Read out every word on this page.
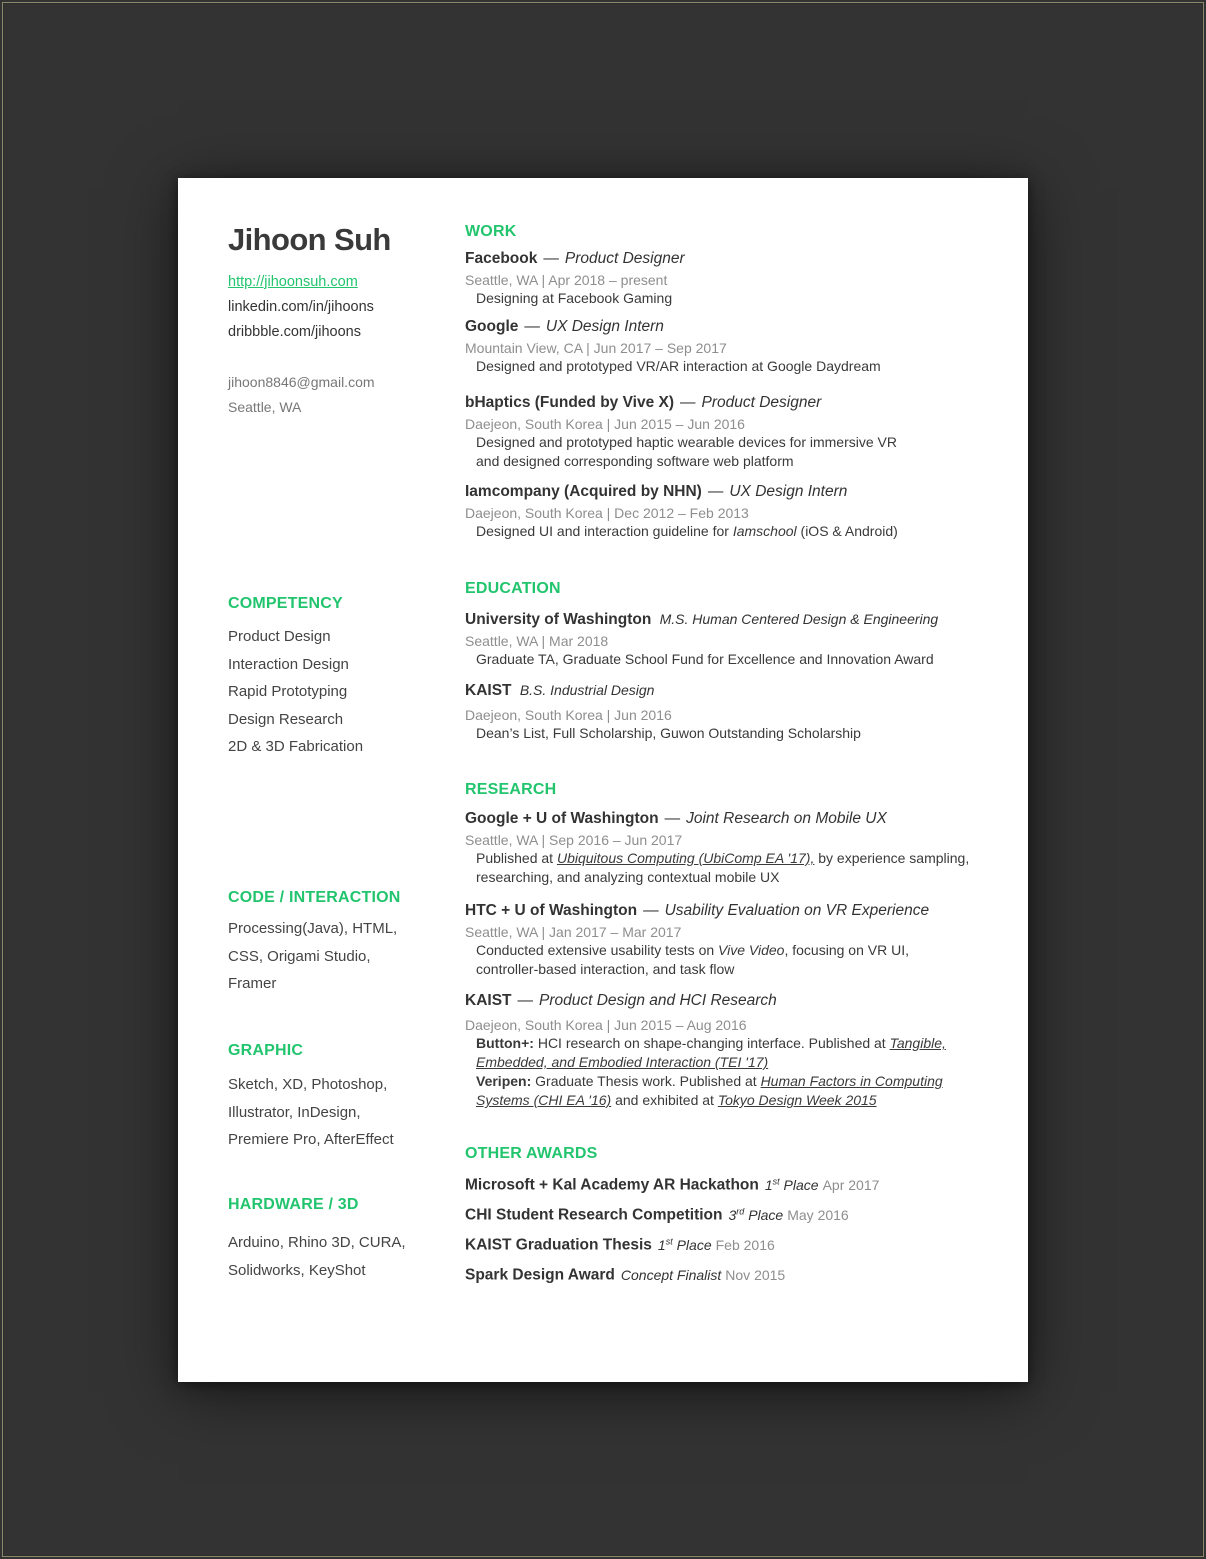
Jihoon Suh
http://jihoonsuh.com
linkedin.com/in/jihoons
dribbble.com/jihoons
jihoon8846@gmail.com
Seattle, WA
COMPETENCY
Product Design
Interaction Design
Rapid Prototyping
Design Research
2D & 3D Fabrication
CODE / INTERACTION
Processing(Java), HTML,
CSS, Origami Studio,
Framer
GRAPHIC
Sketch, XD, Photoshop,
Illustrator, InDesign,
Premiere Pro, AfterEffect
HARDWARE / 3D
Arduino, Rhino 3D, CURA,
Solidworks, KeyShot
WORK
Facebook — Product Designer
Seattle, WA | Apr 2018 – present
Designing at Facebook Gaming
Google — UX Design Intern
Mountain View, CA | Jun 2017 – Sep 2017
Designed and prototyped VR/AR interaction at Google Daydream
bHaptics (Funded by Vive X) — Product Designer
Daejeon, South Korea | Jun 2015 – Jun 2016
Designed and prototyped haptic wearable devices for immersive VR
and designed corresponding software web platform
Iamcompany (Acquired by NHN) — UX Design Intern
Daejeon, South Korea | Dec 2012 – Feb 2013
Designed UI and interaction guideline for Iamschool (iOS & Android)
EDUCATION
University of Washington M.S. Human Centered Design & Engineering
Seattle, WA | Mar 2018
Graduate TA, Graduate School Fund for Excellence and Innovation Award
KAIST B.S. Industrial Design
Daejeon, South Korea | Jun 2016
Dean’s List, Full Scholarship, Guwon Outstanding Scholarship
RESEARCH
Google + U of Washington — Joint Research on Mobile UX
Seattle, WA | Sep 2016 – Jun 2017
Published at Ubiquitous Computing (UbiComp EA '17), by experience sampling,
researching, and analyzing contextual mobile UX
HTC + U of Washington — Usability Evaluation on VR Experience
Seattle, WA | Jan 2017 – Mar 2017
Conducted extensive usability tests on Vive Video, focusing on VR UI,
controller-based interaction, and task flow
KAIST — Product Design and HCI Research
Daejeon, South Korea | Jun 2015 – Aug 2016
Button+: HCI research on shape-changing interface. Published at Tangible, Embedded, and Embodied Interaction (TEI '17)
Veripen: Graduate Thesis work. Published at Human Factors in Computing Systems (CHI EA '16) and exhibited at Tokyo Design Week 2015
OTHER AWARDS
Microsoft + Kal Academy AR Hackathon 1st Place Apr 2017
CHI Student Research Competition 3rd Place May 2016
KAIST Graduation Thesis 1st Place Feb 2016
Spark Design Award Concept Finalist Nov 2015
